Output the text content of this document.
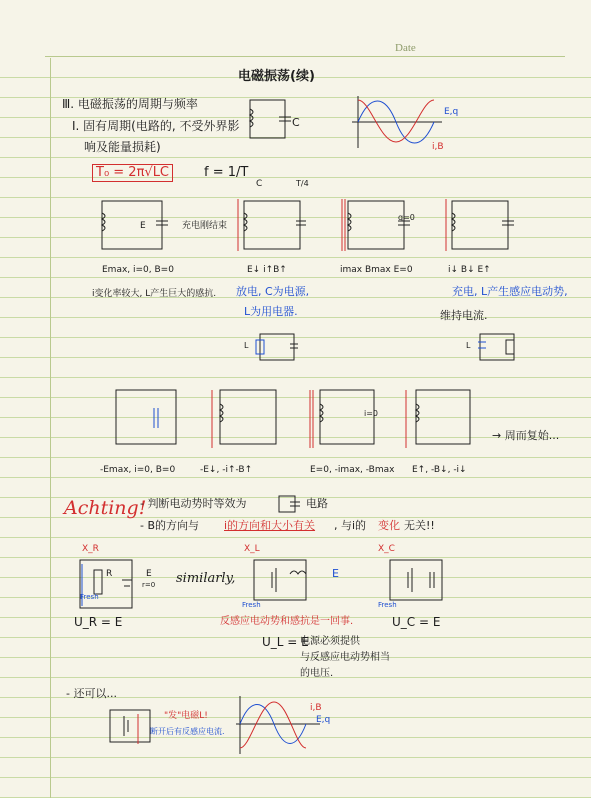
Date
电磁振荡(续)
Ⅲ. 电磁振荡的周期与频率
I. 固有周期(电路的, 不受外界影
响及能量损耗)
T₀ = 2π√LC	f = 1/T
C
E,q
i,B
E	充电刚结束
C	T/4
q=0
Emax, i=0, B=0	E↓ i↑B↑	imax Bmax E=0	i↓ B↓ E↑
i变化率较大, L产生巨大的感抗. 放电, C为电源,
L为用电器.
充电, L产生感应电动势,
维持电流.
L	L
i=0
→ 周而复始...
-Emax, i=0, B=0	-E↓, -i↑-B↑	E=0, -imax, -Bmax E↑, -B↓, -i↓
Achting!
- 判断电动势时等效为	电路
- B的方向与 i的方向和大小有关 , 与i的 变化 无关!!
X_R
R	E
r=0
Fresh
U_R = E
similarly,
X_L
E
Fresh
X_C
Fresh
反感应电动势和感抗是一回事.
U_L = E
电源必须提供
与反感应电动势相当
的电压.
U_C = E
- 还可以...
"发"电磁L!
断开后有反感应电流.
i,B
E,q
